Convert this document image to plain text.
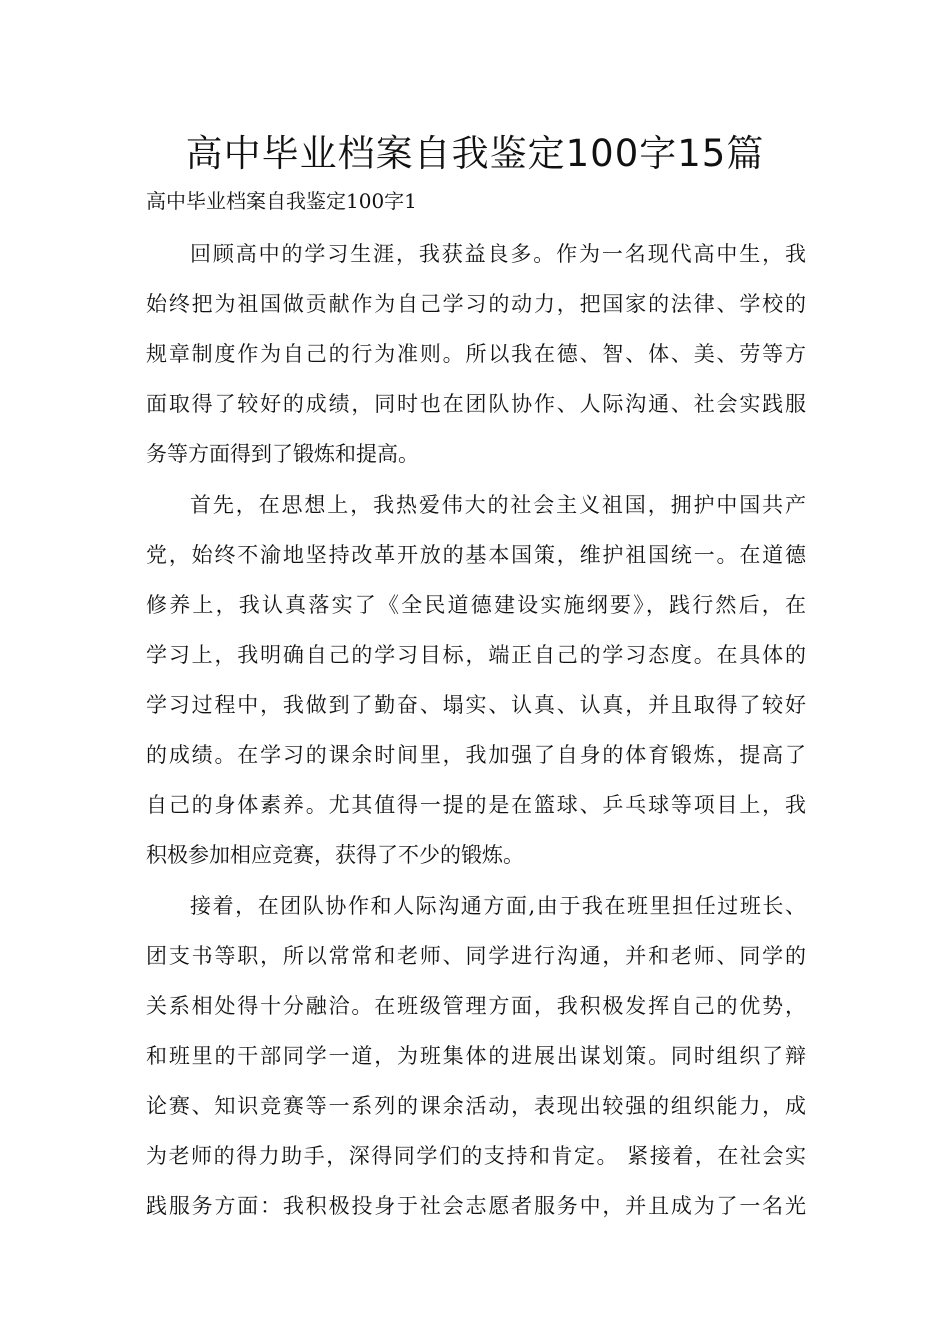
高中毕业档案自我鉴定100字15篇
高中毕业档案自我鉴定100字1

回顾高中的学习生涯，我获益良多。作为一名现代高中生，我
始终把为祖国做贡献作为自己学习的动力，把国家的法律、学校的
规章制度作为自己的行为准则。所以我在德、智、体、美、劳等方
面取得了较好的成绩，同时也在团队协作、人际沟通、社会实践服
务等方面得到了锻炼和提高。

首先，在思想上，我热爱伟大的社会主义祖国，拥护中国共产
党，始终不渝地坚持改革开放的基本国策，维护祖国统一。在道德
修养上，我认真落实了《全民道德建设实施纲要》，践行然后，在
学习上，我明确自己的学习目标，端正自己的学习态度。在具体的
学习过程中，我做到了勤奋、塌实、认真、认真，并且取得了较好
的成绩。在学习的课余时间里，我加强了自身的体育锻炼，提高了
自己的身体素养。尤其值得一提的是在篮球、乒乓球等项目上，我
积极参加相应竞赛，获得了不少的锻炼。

接着，在团队协作和人际沟通方面,由于我在班里担任过班长、
团支书等职，所以常常和老师、同学进行沟通，并和老师、同学的
关系相处得十分融洽。在班级管理方面，我积极发挥自己的优势，
和班里的干部同学一道，为班集体的进展出谋划策。同时组织了辩
论赛、知识竞赛等一系列的课余活动，表现出较强的组织能力，成
为老师的得力助手，深得同学们的支持和肯定。 紧接着，在社会实
践服务方面：我积极投身于社会志愿者服务中，并且成为了一名光
